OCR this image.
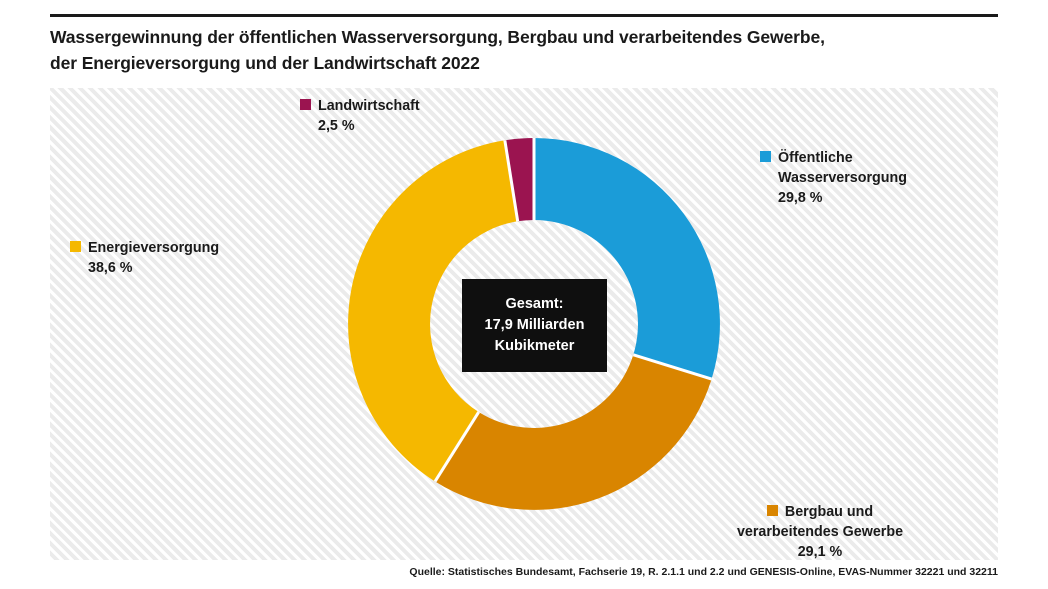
Wassergewinnung der öffentlichen Wasserversorgung, Bergbau und verarbeitendes Gewerbe,
der Energieversorgung und der Landwirtschaft 2022
Gesamt:
17,9 Milliarden
Kubikmeter
Öffentliche
Wasserversorgung
29,8 %
Bergbau und
verarbeitendes Gewerbe
29,1 %
Energieversorgung
38,6 %
Landwirtschaft
2,5 %
Quelle: Statistisches Bundesamt, Fachserie 19, R. 2.1.1 und 2.2 und GENESIS-Online, EVAS-Nummer 32221 und 32211
